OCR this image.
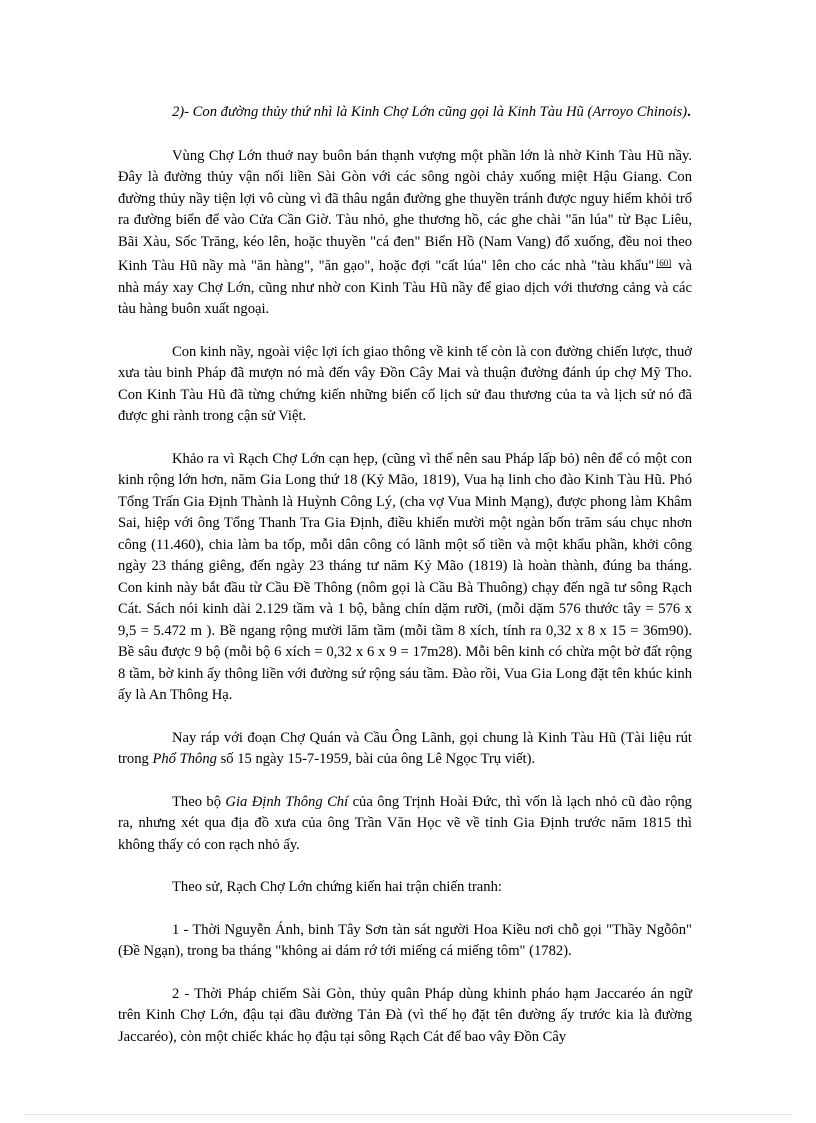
2)- Con đường thủy thứ nhì là Kinh Chợ Lớn cũng gọi là Kinh Tàu Hũ (Arroyo Chinois).

Vùng Chợ Lớn thuở nay buôn bán thạnh vượng một phần lớn là nhờ Kinh Tàu Hũ nầy. Đây là đường thủy vận nối liền Sài Gòn với các sông ngòi chảy xuống miệt Hậu Giang. Con đường thủy nầy tiện lợi vô cùng vì đã thâu ngắn đường ghe thuyền tránh được nguy hiểm khỏi trổ ra đường biển để vào Cửa Cần Giờ. Tàu nhỏ, ghe thương hồ, các ghe chài "ăn lúa" từ Bạc Liêu, Bãi Xàu, Sốc Trăng, kéo lên, hoặc thuyền "cá đen" Biển Hồ (Nam Vang) đổ xuống, đều noi theo Kinh Tàu Hũ nầy mà "ăn hàng", "ăn gạo", hoặc đợi "cất lúa" lên cho các nhà "tàu khẩu" [60] và nhà máy xay Chợ Lớn, cũng như nhờ con Kinh Tàu Hũ nầy để giao dịch với thương cảng và các tàu hàng buôn xuất ngoại.

Con kinh nầy, ngoài việc lợi ích giao thông về kinh tế còn là con đường chiến lược, thuở xưa tàu binh Pháp đã mượn nó mà đến vây Đồn Cây Mai và thuận đường đánh úp chợ Mỹ Tho. Con Kinh Tàu Hũ đã từng chứng kiến những biến cố lịch sử đau thương của ta và lịch sử nó đã được ghi rành trong cận sử Việt.

Khảo ra vì Rạch Chợ Lớn cạn hẹp, (cũng vì thế nên sau Pháp lấp bỏ) nên để có một con kinh rộng lớn hơn, năm Gia Long thứ 18 (Kỷ Mão, 1819), Vua hạ linh cho đào Kinh Tàu Hũ. Phó Tổng Trấn Gia Định Thành là Huỳnh Công Lý, (cha vợ Vua Minh Mạng), được phong làm Khâm Sai, hiệp với ông Tổng Thanh Tra Gia Định, điều khiển mười một ngàn bốn trăm sáu chục nhơn công (11.460), chia làm ba tốp, mỗi dân công có lãnh một số tiền và một khẩu phần, khởi công ngày 23 tháng giêng, đến ngày 23 tháng tư năm Kỷ Mão (1819) là hoàn thành, đúng ba tháng. Con kinh này bắt đầu từ Cầu Đề Thông (nôm gọi là Cầu Bà Thuông) chạy đến ngã tư sông Rạch Cát. Sách nói kinh dài 2.129 tầm và 1 bộ, bằng chín dặm rưỡi, (mỗi dặm 576 thước tây = 576 x 9,5 = 5.472 m ). Bề ngang rộng mười lăm tầm (mỗi tầm 8 xích, tính ra 0,32 x 8 x 15 = 36m90). Bề sâu được 9 bộ (mỗi bộ 6 xích = 0,32 x 6 x 9 = 17m28). Mỗi bên kinh có chừa một bờ đất rộng 8 tầm, bờ kinh ấy thông liền với đường sứ rộng sáu tầm. Đào rồi, Vua Gia Long đặt tên khúc kinh ấy là An Thông Hạ.

Nay ráp với đoạn Chợ Quán và Cầu Ông Lãnh, gọi chung là Kinh Tàu Hũ (Tài liệu rút trong Phổ Thông số 15 ngày 15-7-1959, bài của ông Lê Ngọc Trụ viết).

Theo bộ Gia Định Thông Chí của ông Trịnh Hoài Đức, thì vốn là lạch nhỏ cũ đào rộng ra, nhưng xét qua địa đồ xưa của ông Trần Văn Học vẽ về tỉnh Gia Định trước năm 1815 thì không thấy có con rạch nhỏ ấy.

Theo sử, Rạch Chợ Lớn chứng kiến hai trận chiến tranh:

1 - Thời Nguyễn Ánh, binh Tây Sơn tàn sát người Hoa Kiều nơi chỗ gọi "Thầy Ngỗôn" (Đề Ngạn), trong ba tháng "không ai dám rớ tới miếng cá miếng tôm" (1782).

2 - Thời Pháp chiếm Sài Gòn, thủy quân Pháp dùng khinh pháo hạm Jaccaréo án ngữ trên Kinh Chợ Lớn, đậu tại đầu đường Tản Đà (vì thế họ đặt tên đường ấy trước kia là đường Jaccaréo), còn một chiếc khác họ đậu tại sông Rạch Cát để bao vây Đồn Cây
